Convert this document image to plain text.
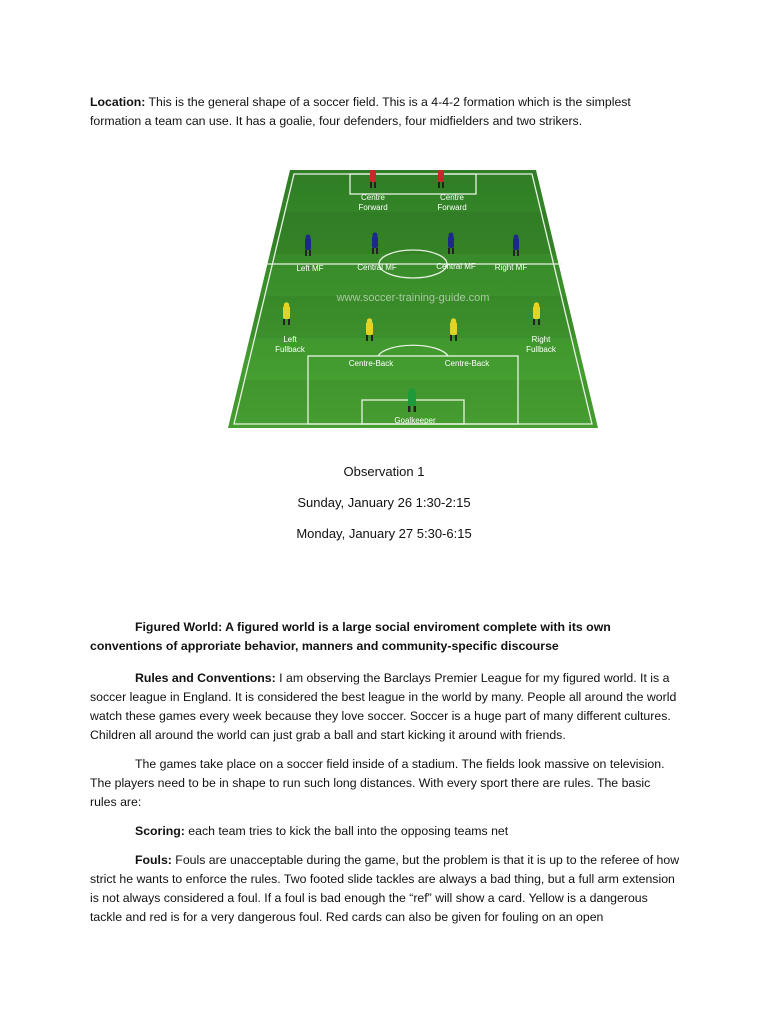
Location: This is the general shape of a soccer field. This is a 4-4-2 formation which is the simplest formation a team can use. It has a goalie, four defenders, four midfielders and two strikers.

www.soccer-training-guide.com
Centre Forward
Centre Forward
Left MF	Central MF	Central MF Right MF
Left Fullback
Centre-Back	Centre-Back
Right Fullback
Goalkeeper
Observation 1
Sunday, January 26 1:30-2:15
Monday, January 27 5:30-6:15

Figured World: A figured world is a large social enviroment complete with its own conventions of approriate behavior, manners and community-specific discourse

Rules and Conventions: I am observing the Barclays Premier League for my figured world. It is a soccer league in England. It is considered the best league in the world by many. People all around the world watch these games every week because they love soccer. Soccer is a huge part of many different cultures. Children all around the world can just grab a ball and start kicking it around with friends.

The games take place on a soccer field inside of a stadium. The fields look massive on television. The players need to be in shape to run such long distances. With every sport there are rules. The basic rules are:

Scoring: each team tries to kick the ball into the opposing teams net

Fouls: Fouls are unacceptable during the game, but the problem is that it is up to the referee of how strict he wants to enforce the rules. Two footed slide tackles are always a bad thing, but a full arm extension is not always considered a foul. If a foul is bad enough the “ref” will show a card. Yellow is a dangerous tackle and red is for a very dangerous foul. Red cards can also be given for fouling on an open
